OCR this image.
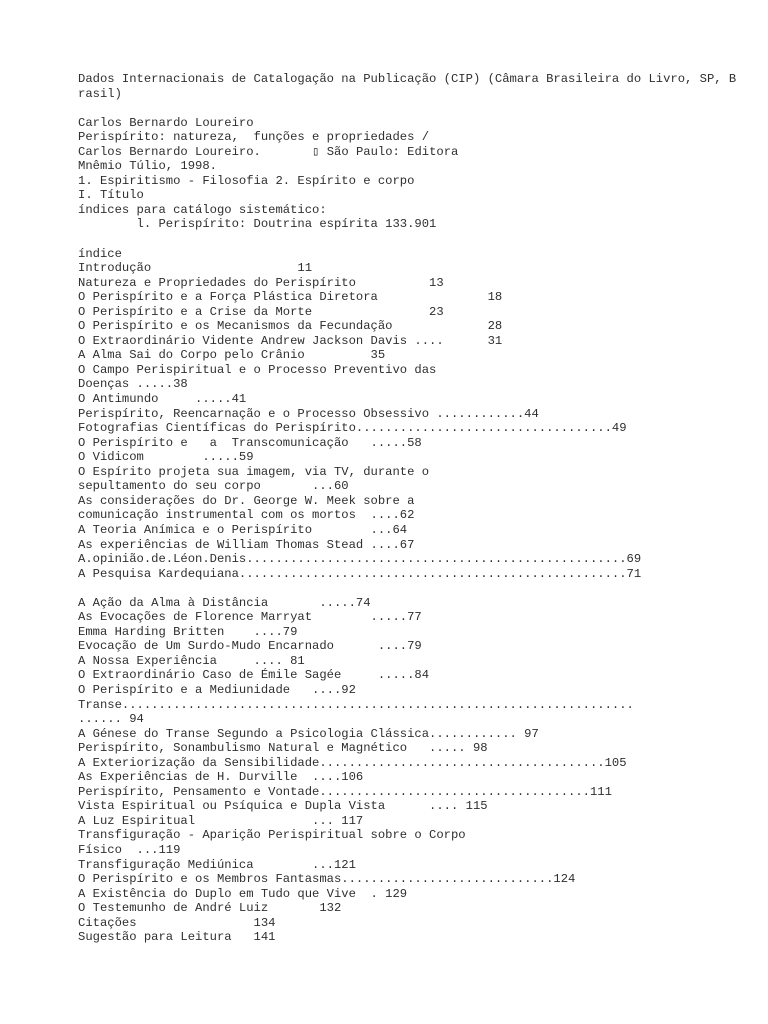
Dados Internacionais de Catalogação na Publicação (CIP) (Câmara Brasileira do Livro, SP, B
rasil)
Carlos Bernardo Loureiro
Perispírito: natureza,  funções e propriedades /
Carlos Bernardo Loureiro.       ▯ São Paulo: Editora
Mnêmio Túlio, 1998.
1. Espiritismo - Filosofia 2. Espírito e corpo
I. Título
índices para catálogo sistemático:
l. Perispírito: Doutrina espírita 133.901
índice
Introdução                    11
Natureza e Propriedades do Perispírito          13
O Perispírito e a Força Plástica Diretora               18
O Perispírito e a Crise da Morte                23
O Perispírito e os Mecanismos da Fecundação             28
O Extraordinário Vidente Andrew Jackson Davis ....      31
A Alma Sai do Corpo pelo Crânio         35
O Campo Perispiritual e o Processo Preventivo das
Doenças .....38
O Antimundo     .....41
Perispírito, Reencarnação e o Processo Obsessivo ............44
Fotografias Científicas do Perispírito...................................49
O Perispírito e   a  Transcomunicação   .....58
O Vidicom        .....59
O Espírito projeta sua imagem, via TV, durante o
sepultamento do seu corpo       ...60
As considerações do Dr. George W. Meek sobre a
comunicação instrumental com os mortos  ....62
A Teoria Anímica e o Perispírito        ...64
As experiências de William Thomas Stead ....67
A.opinião.de.Léon.Denis....................................................69
A Pesquisa Kardequiana.....................................................71
A Ação da Alma à Distância       .....74
As Evocações de Florence Marryat        .....77
Emma Harding Britten    ....79
Evocação de Um Surdo-Mudo Encarnado      ....79
A Nossa Experiência     .... 81
O Extraordinário Caso de Émile Sagée     .....84
O Perispírito e a Mediunidade   ....92
Transe......................................................................
...... 94
A Génese do Transe Segundo a Psicologia Clássica............ 97
Perispírito, Sonambulismo Natural e Magnético   ..... 98
A Exteriorização da Sensibilidade.......................................105
As Experiências de H. Durville  ....106
Perispírito, Pensamento e Vontade.....................................111
Vista Espiritual ou Psíquica e Dupla Vista      .... 115
A Luz Espiritual                ... 117
Transfiguração - Aparição Perispiritual sobre o Corpo
Físico  ...119
Transfiguração Mediúnica        ...121
O Perispírito e os Membros Fantasmas.............................124
A Existência do Duplo em Tudo que Vive  . 129
O Testemunho de André Luiz       132
Citações                134
Sugestão para Leitura   141
